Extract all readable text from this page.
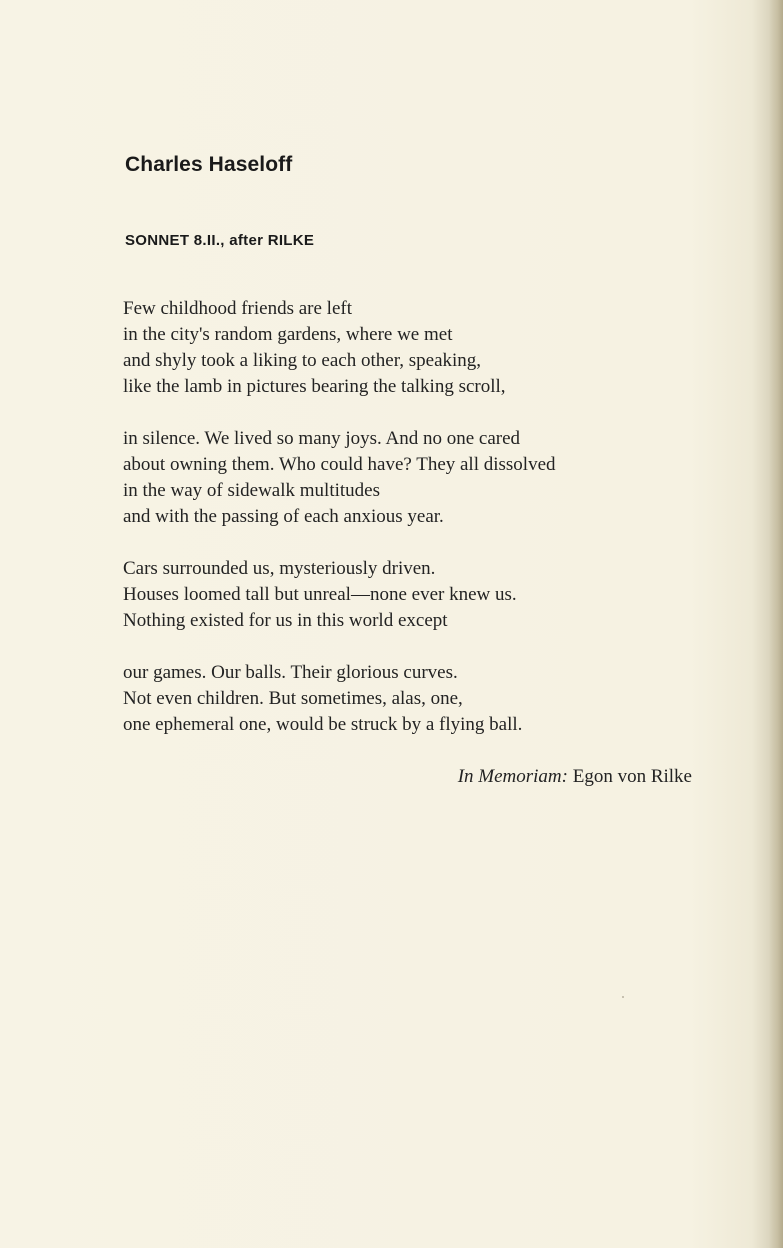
Charles Haseloff
SONNET 8.II., after RILKE

Few childhood friends are left
in the city's random gardens, where we met
and shyly took a liking to each other, speaking,
like the lamb in pictures bearing the talking scroll,

in silence. We lived so many joys. And no one cared
about owning them. Who could have? They all dissolved
in the way of sidewalk multitudes
and with the passing of each anxious year.

Cars surrounded us, mysteriously driven.
Houses loomed tall but unreal—none ever knew us.
Nothing existed for us in this world except

our games. Our balls. Their glorious curves.
Not even children. But sometimes, alas, one,
one ephemeral one, would be struck by a flying ball.

In Memoriam: Egon von Rilke
